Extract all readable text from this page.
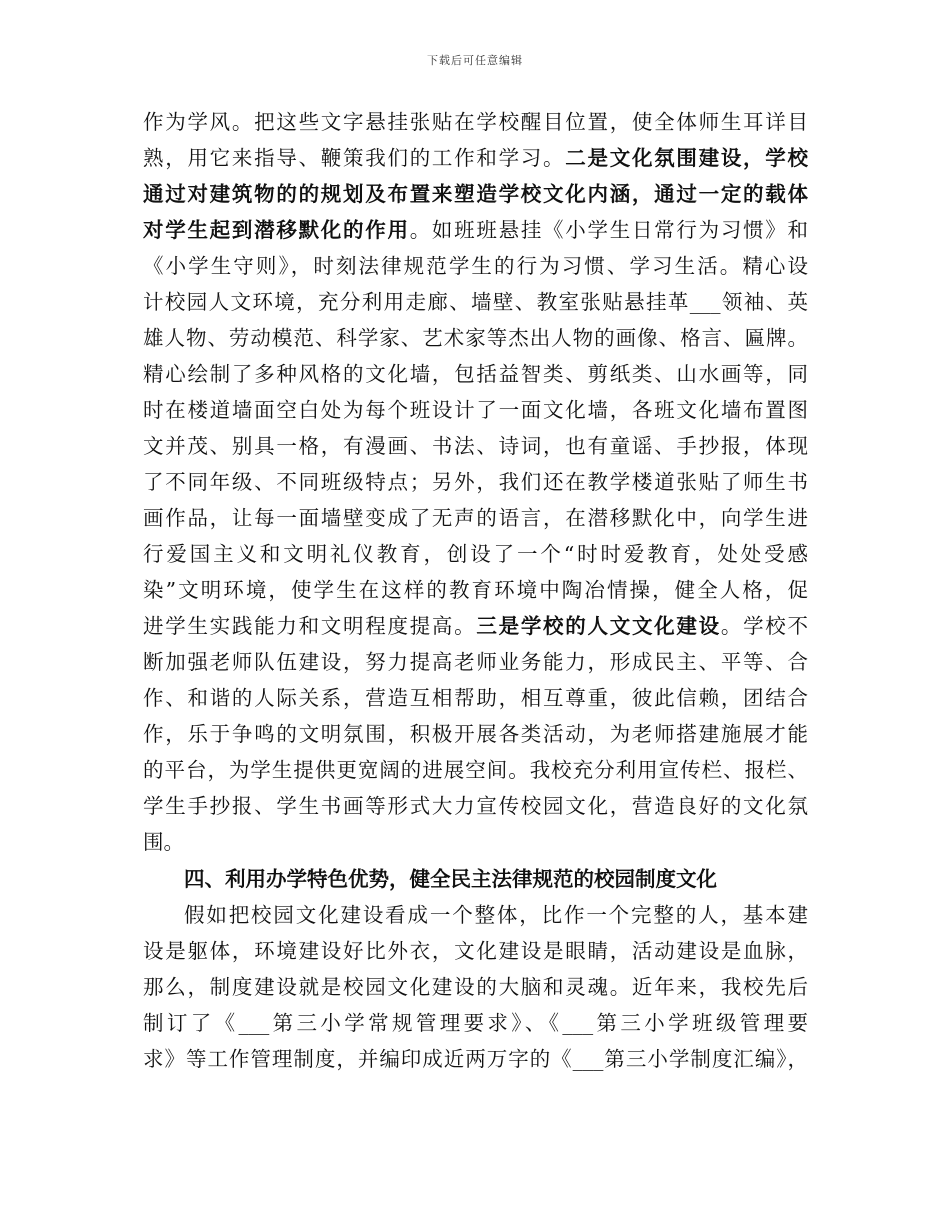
下载后可任意编辑
作为学风。把这些文字悬挂张贴在学校醒目位置，使全体师生耳详目
熟，用它来指导、鞭策我们的工作和学习。二是文化氛围建设，学校
通过对建筑物的的规划及布置来塑造学校文化内涵，通过一定的载体
对学生起到潜移默化的作用。如班班悬挂《小学生日常行为习惯》和
《小学生守则》，时刻法律规范学生的行为习惯、学习生活。精心设
计校园人文环境，充分利用走廊、墙壁、教室张贴悬挂革___领袖、英
雄人物、劳动模范、科学家、艺术家等杰出人物的画像、格言、匾牌。
精心绘制了多种风格的文化墙，包括益智类、剪纸类、山水画等，同
时在楼道墙面空白处为每个班设计了一面文化墙，各班文化墙布置图
文并茂、别具一格，有漫画、书法、诗词，也有童谣、手抄报，体现
了不同年级、不同班级特点；另外，我们还在教学楼道张贴了师生书
画作品，让每一面墙壁变成了无声的语言，在潜移默化中，向学生进
行爱国主义和文明礼仪教育，创设了一个“时时爱教育，处处受感
染”文明环境，使学生在这样的教育环境中陶冶情操，健全人格，促
进学生实践能力和文明程度提高。三是学校的人文文化建设。学校不
断加强老师队伍建设，努力提高老师业务能力，形成民主、平等、合
作、和谐的人际关系，营造互相帮助，相互尊重，彼此信赖，团结合
作，乐于争鸣的文明氛围，积极开展各类活动，为老师搭建施展才能
的平台，为学生提供更宽阔的进展空间。我校充分利用宣传栏、报栏、
学生手抄报、学生书画等形式大力宣传校园文化，营造良好的文化氛
围。
四、利用办学特色优势，健全民主法律规范的校园制度文化
假如把校园文化建设看成一个整体，比作一个完整的人，基本建
设是躯体，环境建设好比外衣，文化建设是眼睛，活动建设是血脉，
那么，制度建设就是校园文化建设的大脑和灵魂。近年来，我校先后
制订了《___第三小学常规管理要求》、《___第三小学班级管理要
求》等工作管理制度，并编印成近两万字的《___第三小学制度汇编》，
